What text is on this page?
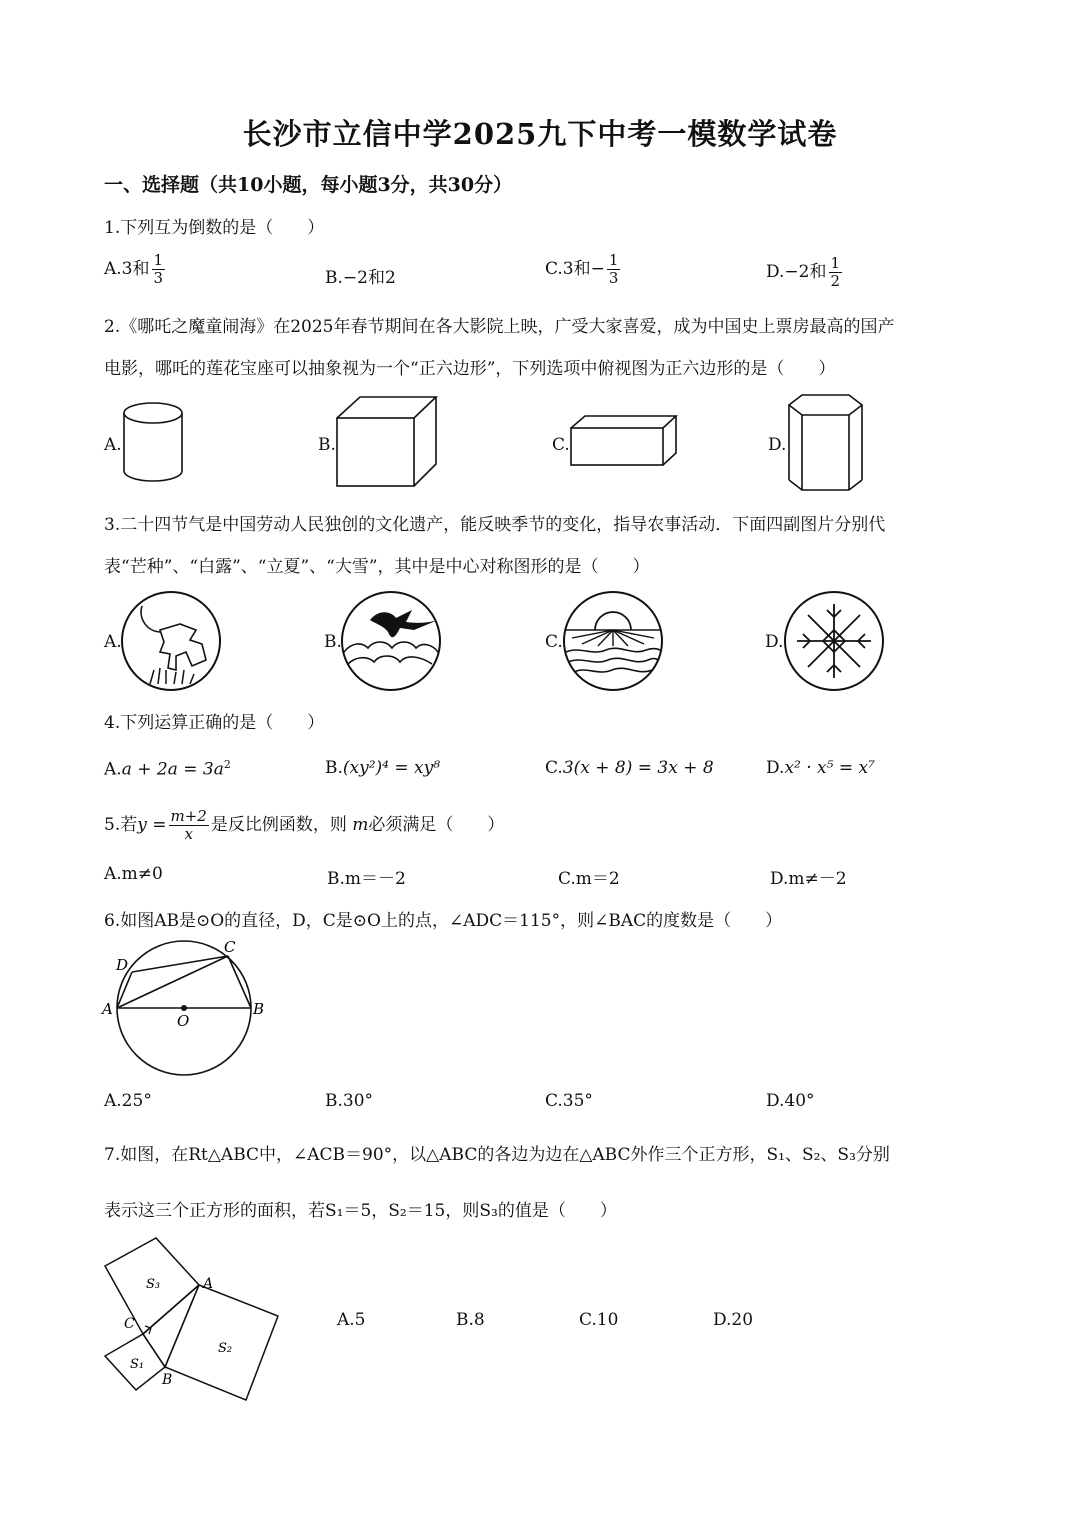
长沙市立信中学2025九下中考一模数学试卷
一、选择题（共10小题，每小题3分，共30分）
1.下列互为倒数的是（　　）
A.3和 $\frac{1}{3}$	B.−2和2	C.3和− $\frac{1}{3}$	D.−2和 $\frac{1}{2}$
2.《哪吒之魔童闹海》在2025年春节期间在各大影院上映，广受大家喜爱，成为中国史上票房最高的国产
电影，哪吒的莲花宝座可以抽象视为一个“正六边形”，下列选项中俯视图为正六边形的是（　　）
A.	B.	C.	D.
3.二十四节气是中国劳动人民独创的文化遗产，能反映季节的变化，指导农事活动．下面四副图片分别代
表“芒种”、“白露”、“立夏”、“大雪”，其中是中心对称图形的是（　　）
A.	B.	C.	D.
4.下列运算正确的是（　　）
$A.a + 2a = 3a^2$	B.(xy²)⁴ = xy⁸	C.3(x + 8) = 3x + 8	D.x² · x⁵ = x⁷
5.若$y = \frac{m+2}{x}$ 是反比例函数，则 m必须满足（　　）
A.m≠0	B.m＝－2	C.m＝2	D.m≠－2
6.如图AB是⊙O的直径，D，C是⊙O上的点，∠ADC＝115°，则∠BAC的度数是（　　）
A	B
C
D
O
A.25°	B.30°	C.35°	D.40°
7.如图，在Rt△ABC中，∠ACB＝90°，以△ABC的各边为边在△ABC外作三个正方形，S₁、S₂、S₃分别
表示这三个正方形的面积，若S₁＝5，S₂＝15，则S₃的值是（　　）
S₃
S₂
S₁
A
C
B
A.5	B.8	C.10	D.20
